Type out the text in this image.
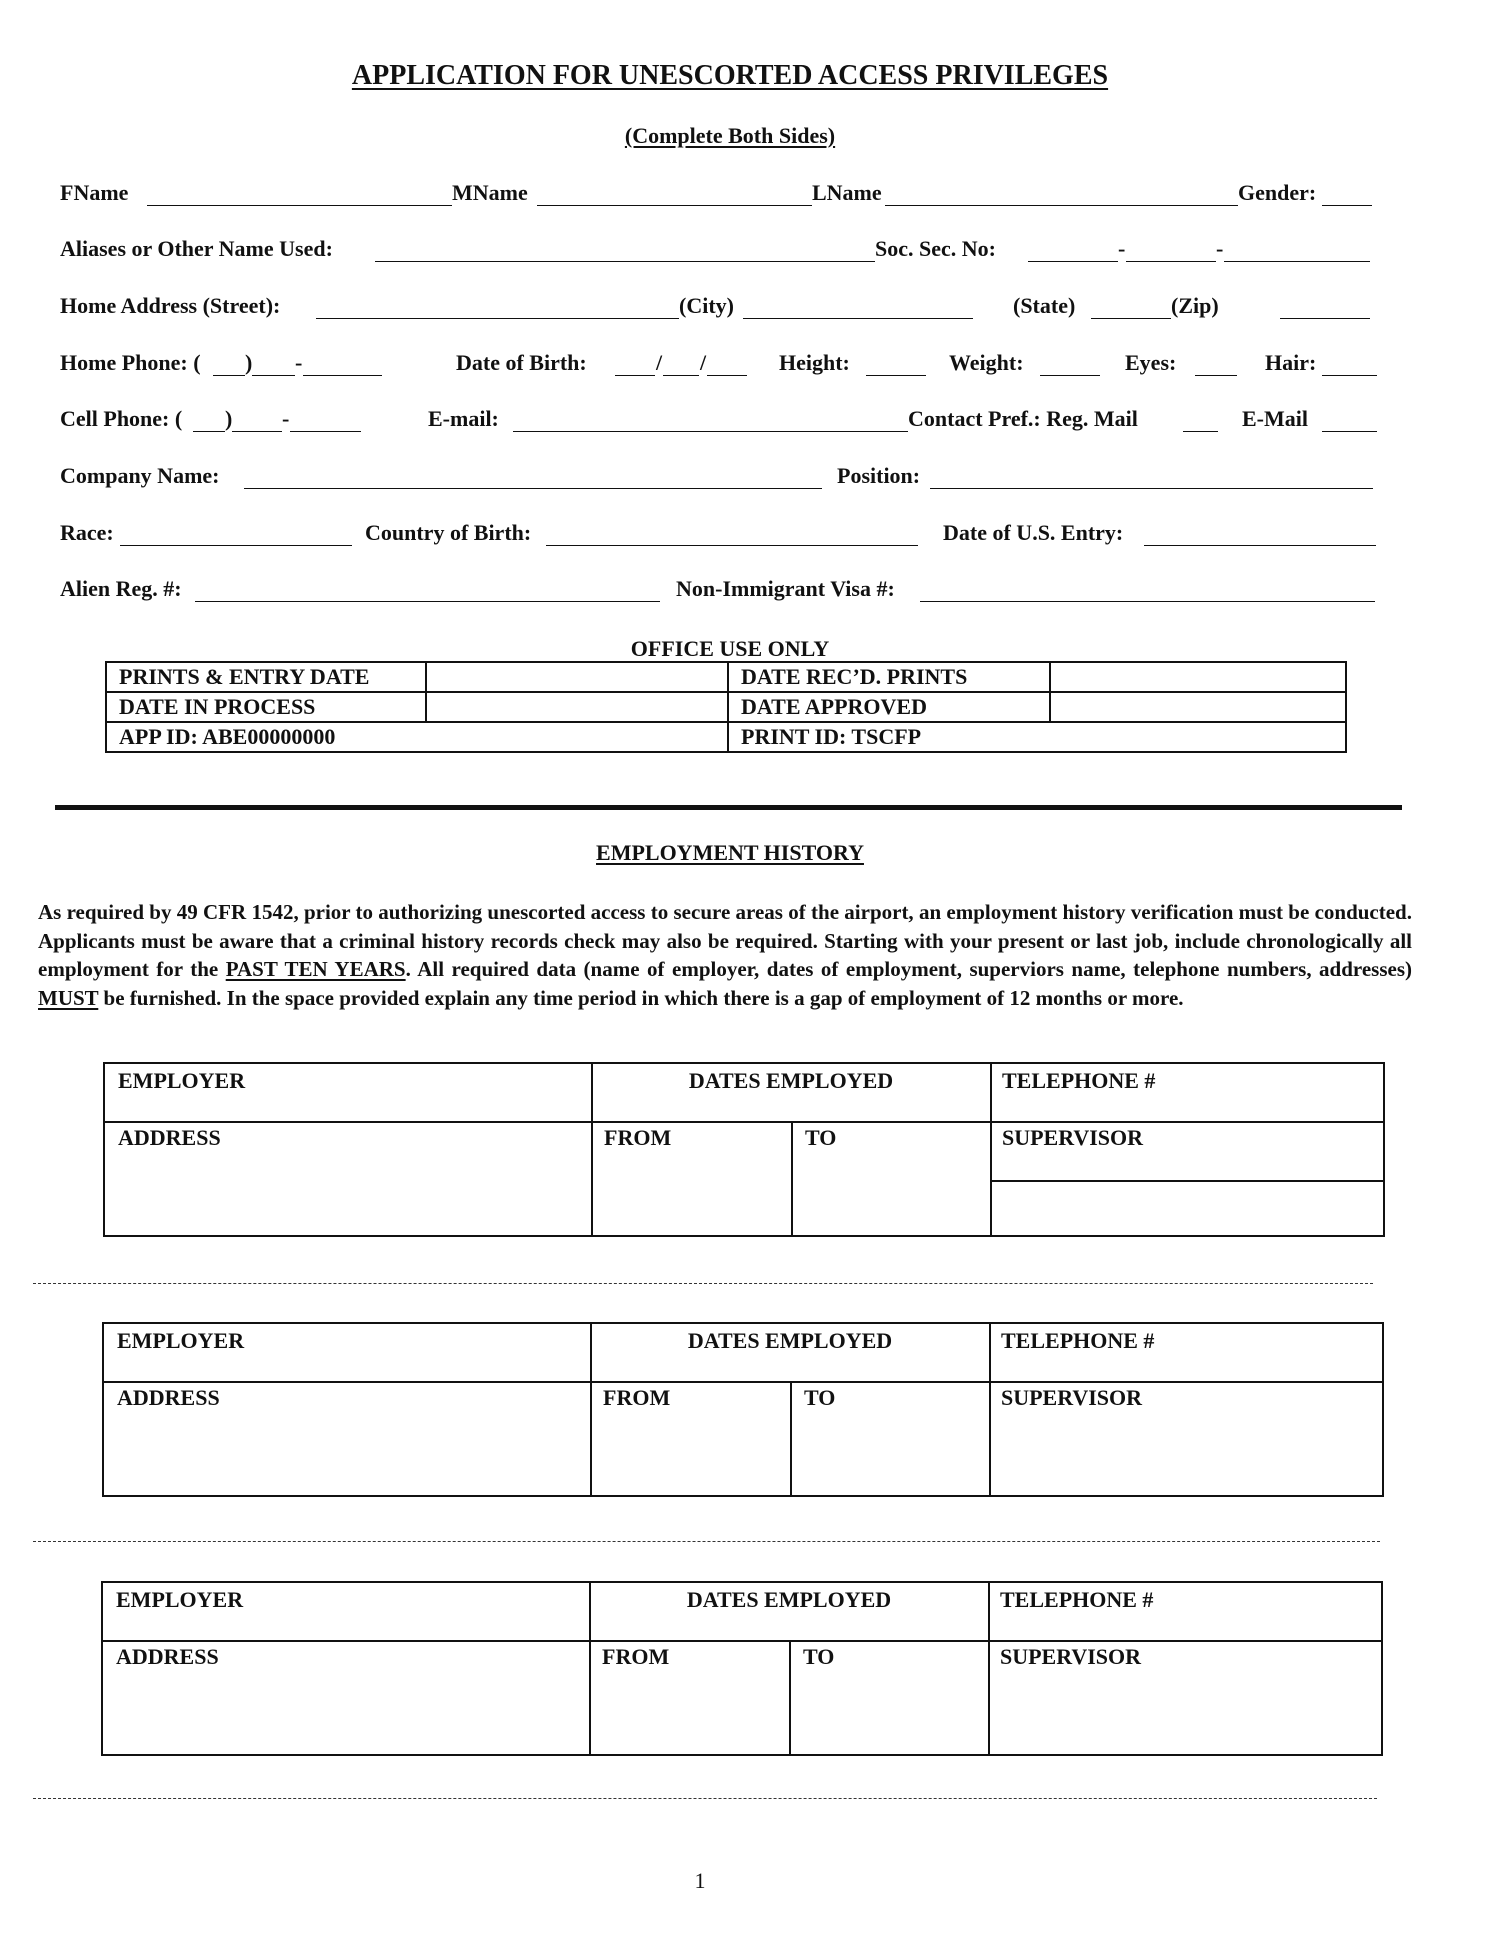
APPLICATION FOR UNESCORTED ACCESS PRIVILEGES
(Complete Both Sides)
FName	MName	LName	Gender:
Aliases or Other Name Used:	Soc. Sec. No:	-	-
Home Address (Street):	(City)	(State)	(Zip)
Home Phone: ( ) -	Date of Birth:	/ /	Height:	Weight:	Eyes:	Hair:
Cell Phone: ( ) -	E-mail:	Contact Pref.: Reg. Mail	E-Mail
Company Name:	Position:
Race:	Country of Birth:	Date of U.S. Entry:
Alien Reg. #:	Non-Immigrant Visa #:
OFFICE USE ONLY
PRINTS & ENTRY DATE		DATE REC’D. PRINTS	
DATE IN PROCESS		DATE APPROVED	
APP ID: ABE00000000		PRINT ID: TSCFP	
EMPLOYMENT HISTORY
As required by 49 CFR 1542, prior to authorizing unescorted access to secure areas of the airport, an employment history verification must be conducted. Applicants must be aware that a criminal history records check may also be required. Starting with your present or last job, include chronologically all employment for the PAST TEN YEARS. All required data (name of employer, dates of employment, superviors name, telephone numbers, addresses) MUST be furnished. In the space provided explain any time period in which there is a gap of employment of 12 months or more.
EMPLOYER	DATES EMPLOYED	TELEPHONE #
ADDRESS	FROM	TO	SUPERVISOR
EMPLOYER	DATES EMPLOYED	TELEPHONE #
ADDRESS	FROM	TO	SUPERVISOR
EMPLOYER	DATES EMPLOYED	TELEPHONE #
ADDRESS	FROM	TO	SUPERVISOR
1
